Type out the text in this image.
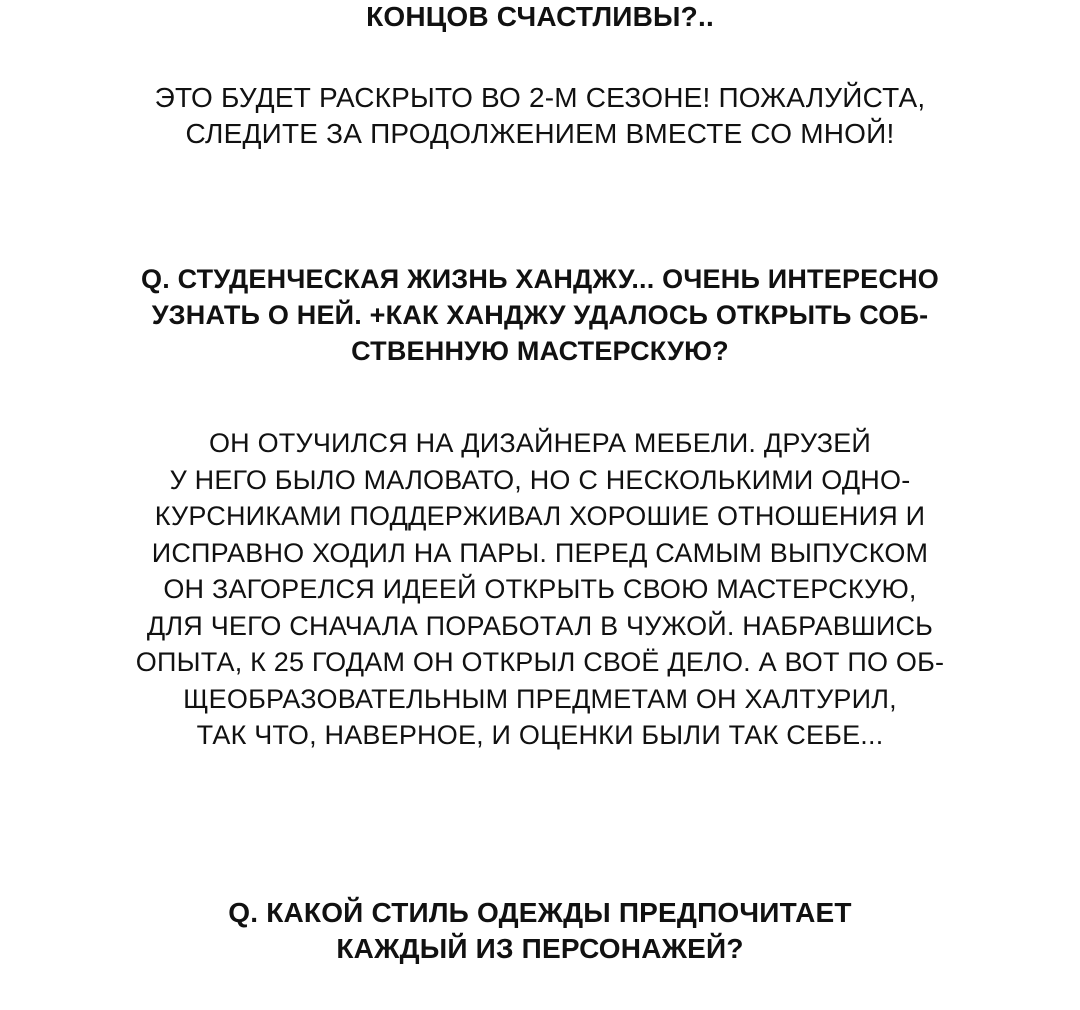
КОНЦОВ СЧАСТЛИВЫ?..
ЭТО БУДЕТ РАСКРЫТО ВО 2-М СЕЗОНЕ! ПОЖАЛУЙСТА,
СЛЕДИТЕ ЗА ПРОДОЛЖЕНИЕМ ВМЕСТЕ СО МНОЙ!
Q. СТУДЕНЧЕСКАЯ ЖИЗНЬ ХАНДЖУ... ОЧЕНЬ ИНТЕРЕСНО
УЗНАТЬ О НЕЙ. +КАК ХАНДЖУ УДАЛОСЬ ОТКРЫТЬ СОБ-
СТВЕННУЮ МАСТЕРСКУЮ?
ОН ОТУЧИЛСЯ НА ДИЗАЙНЕРА МЕБЕЛИ. ДРУЗЕЙ
У НЕГО БЫЛО МАЛОВАТО, НО С НЕСКОЛЬКИМИ ОДНО-
КУРСНИКАМИ ПОДДЕРЖИВАЛ ХОРОШИЕ ОТНОШЕНИЯ И
ИСПРАВНО ХОДИЛ НА ПАРЫ. ПЕРЕД САМЫМ ВЫПУСКОМ
ОН ЗАГОРЕЛСЯ ИДЕЕЙ ОТКРЫТЬ СВОЮ МАСТЕРСКУЮ,
ДЛЯ ЧЕГО СНАЧАЛА ПОРАБОТАЛ В ЧУЖОЙ. НАБРАВШИСЬ
ОПЫТА, К 25 ГОДАМ ОН ОТКРЫЛ СВОЁ ДЕЛО. А ВОТ ПО ОБ-
ЩЕОБРАЗОВАТЕЛЬНЫМ ПРЕДМЕТАМ ОН ХАЛТУРИЛ,
ТАК ЧТО, НАВЕРНОЕ, И ОЦЕНКИ БЫЛИ ТАК СЕБЕ...
Q. КАКОЙ СТИЛЬ ОДЕЖДЫ ПРЕДПОЧИТАЕТ
КАЖДЫЙ ИЗ ПЕРСОНАЖЕЙ?
